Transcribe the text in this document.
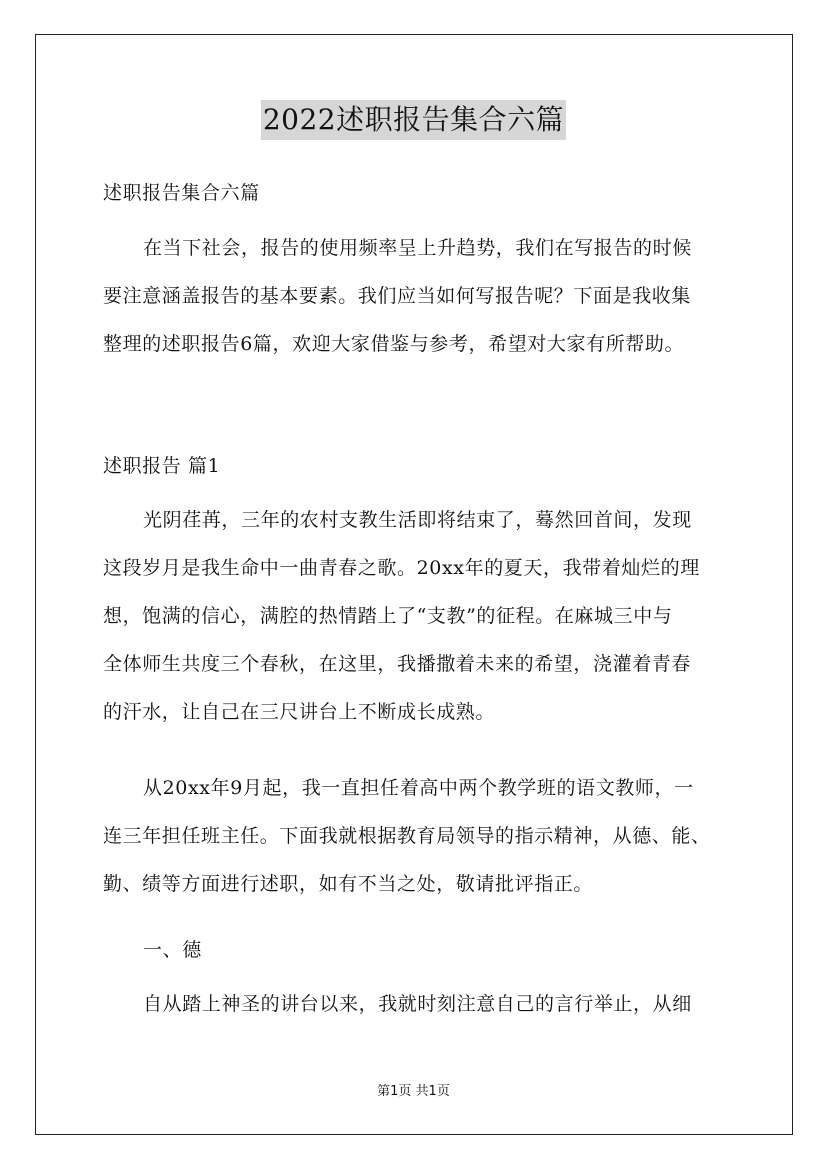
2022述职报告集合六篇

述职报告集合六篇

在当下社会，报告的使用频率呈上升趋势，我们在写报告的时候
要注意涵盖报告的基本要素。我们应当如何写报告呢？下面是我收集
整理的述职报告6篇，欢迎大家借鉴与参考，希望对大家有所帮助。

述职报告 篇1

光阴荏苒，三年的农村支教生活即将结束了，蓦然回首间，发现
这段岁月是我生命中一曲青春之歌。20xx年的夏天，我带着灿烂的理
想，饱满的信心，满腔的热情踏上了“支教”的征程。在麻城三中与
全体师生共度三个春秋，在这里，我播撒着未来的希望，浇灌着青春
的汗水，让自己在三尺讲台上不断成长成熟。

从20xx年9月起，我一直担任着高中两个教学班的语文教师，一
连三年担任班主任。下面我就根据教育局领导的指示精神，从德、能、
勤、绩等方面进行述职，如有不当之处，敬请批评指正。

一、德

自从踏上神圣的讲台以来，我就时刻注意自己的言行举止，从细

第1页 共1页
